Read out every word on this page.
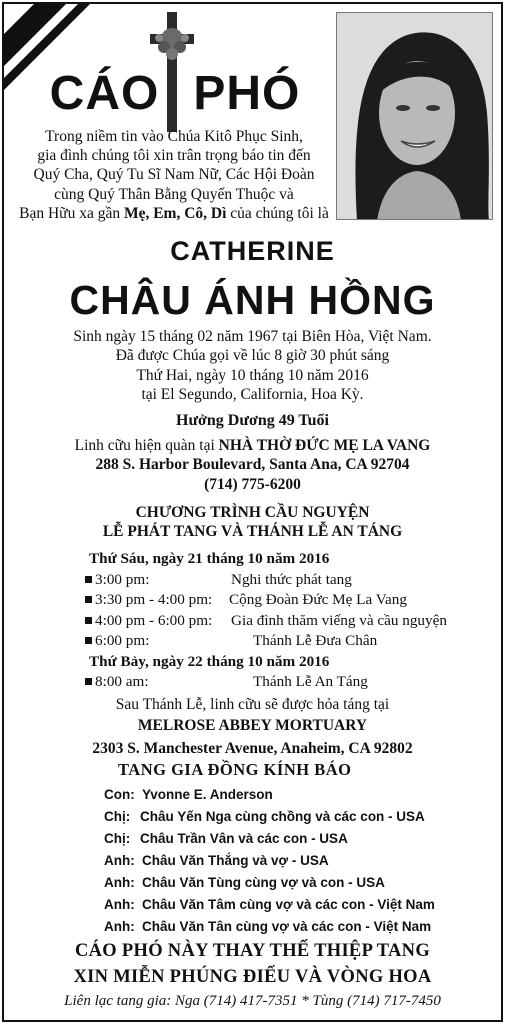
CÁO PHÓ
Trong niềm tin vào Chúa Kitô Phục Sinh,
gia đình chúng tôi xin trân trọng báo tin đến
Quý Cha, Quý Tu Sĩ Nam Nữ, Các Hội Đoàn
cùng Quý Thân Bằng Quyến Thuộc và
Bạn Hữu xa gần Mẹ, Em, Cô, Dì của chúng tôi là
CATHERINE
CHÂU ÁNH HỒNG
Sinh ngày 15 tháng 02 năm 1967 tại Biên Hòa, Việt Nam.
Đã được Chúa gọi về lúc 8 giờ 30 phút sáng
Thứ Hai, ngày 10 tháng 10 năm 2016
tại El Segundo, California, Hoa Kỳ.
Hưởng Dương 49 Tuổi
Linh cữu hiện quàn tại NHÀ THỜ ĐỨC MẸ LA VANG
288 S. Harbor Boulevard, Santa Ana, CA 92704
(714) 775-6200
CHƯƠNG TRÌNH CẦU NGUYỆN
LỄ PHÁT TANG VÀ THÁNH LỄ AN TÁNG
Thứ Sáu, ngày 21 tháng 10 năm 2016
3:00 pm:	Nghi thức phát tang
3:30 pm - 4:00 pm:	Cộng Đoàn Đức Mẹ La Vang
4:00 pm - 6:00 pm:	Gia đình thăm viếng và cầu nguyện
6:00 pm:	Thánh Lễ Đưa Chân
Thứ Bảy, ngày 22 tháng 10 năm 2016
8:00 am:	Thánh Lễ An Táng
Sau Thánh Lễ, linh cữu sẽ được hỏa táng tại
MELROSE ABBEY MORTUARY
2303 S. Manchester Avenue, Anaheim, CA 92802
TANG GIA ĐỒNG KÍNH BÁO
Con: Yvonne E. Anderson
Chị: Châu Yến Nga cùng chồng và các con - USA
Chị: Châu Trần Vân và các con - USA
Anh: Châu Văn Thắng và vợ - USA
Anh: Châu Văn Tùng cùng vợ và con - USA
Anh: Châu Văn Tâm cùng vợ và các con - Việt Nam
Anh: Châu Văn Tân cùng vợ và các con - Việt Nam
CÁO PHÓ NÀY THAY THẾ THIỆP TANG
XIN MIỄN PHÚNG ĐIẾU VÀ VÒNG HOA
Liên lạc tang gia: Nga (714) 417-7351 * Tùng (714) 717-7450
